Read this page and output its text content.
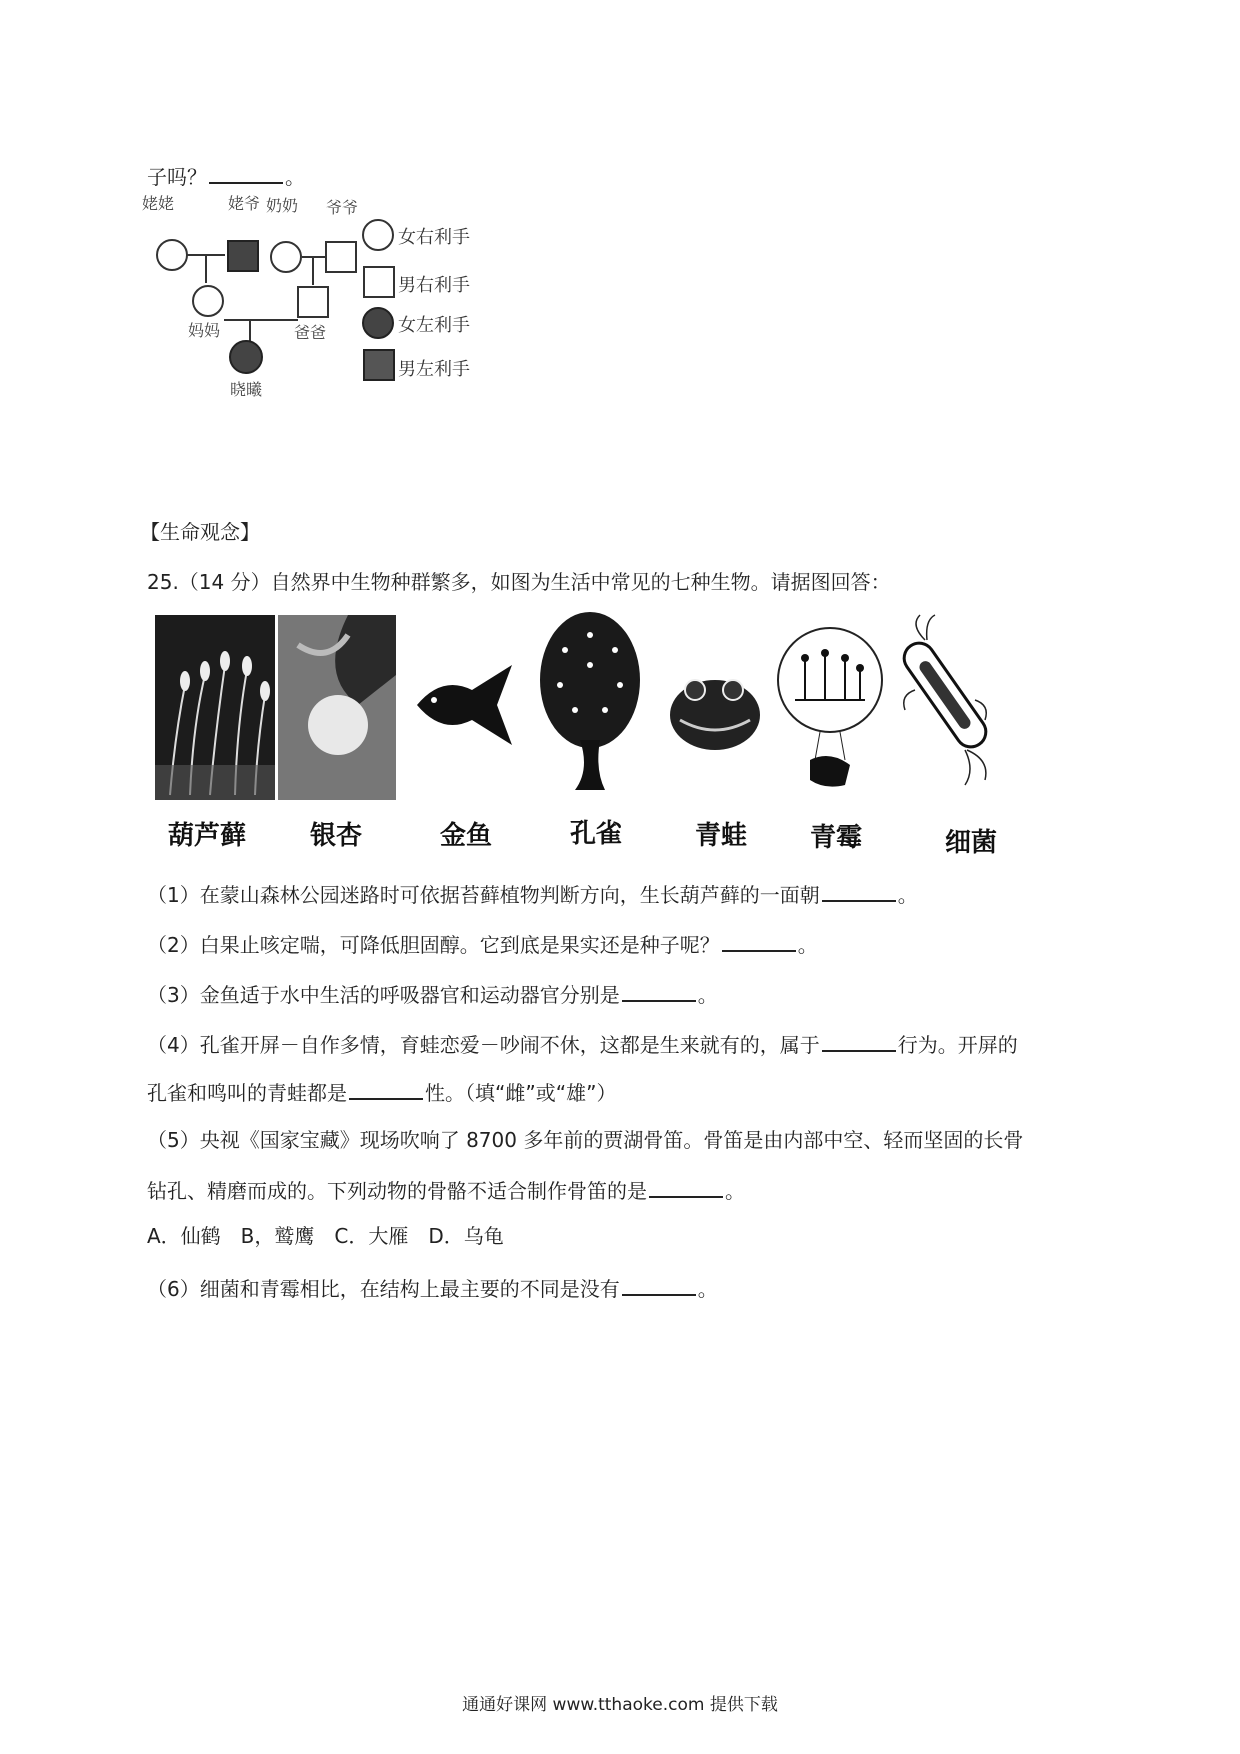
子吗？	。
姥姥	姥爷 奶奶 爷爷
妈妈	爸爸
晓曦
女右利手
男右利手
女左利手
男左利手
【生命观念】
25.（14 分）自然界中生物种群繁多，如图为生活中常见的七种生物。请据图回答：
葫芦藓 银杏	金鱼	孔雀	青蛙 青霉	细菌
（1）在蒙山森林公园迷路时可依据苔藓植物判断方向，生长葫芦藓的一面朝	。
（2）白果止咳定喘，可降低胆固醇。它到底是果实还是种子呢？	。
（3）金鱼适于水中生活的呼吸器官和运动器官分别是	。
（4）孔雀开屏－自作多情，育蛙恋爱－吵闹不休，这都是生来就有的，属于	行为。开屏的
孔雀和鸣叫的青蛙都是	性。（填“雌”或“雄”）
（5）央视《国家宝藏》现场吹响了 8700 多年前的贾湖骨笛。骨笛是由内部中空、轻而坚固的长骨
钻孔、精磨而成的。下列动物的骨骼不适合制作骨笛的是	。
A．仙鹤　B，鹫鹰　C．大雁　D．乌龟
（6）细菌和青霉相比，在结构上最主要的不同是没有	。
通通好课网 www.tthaoke.com 提供下载
